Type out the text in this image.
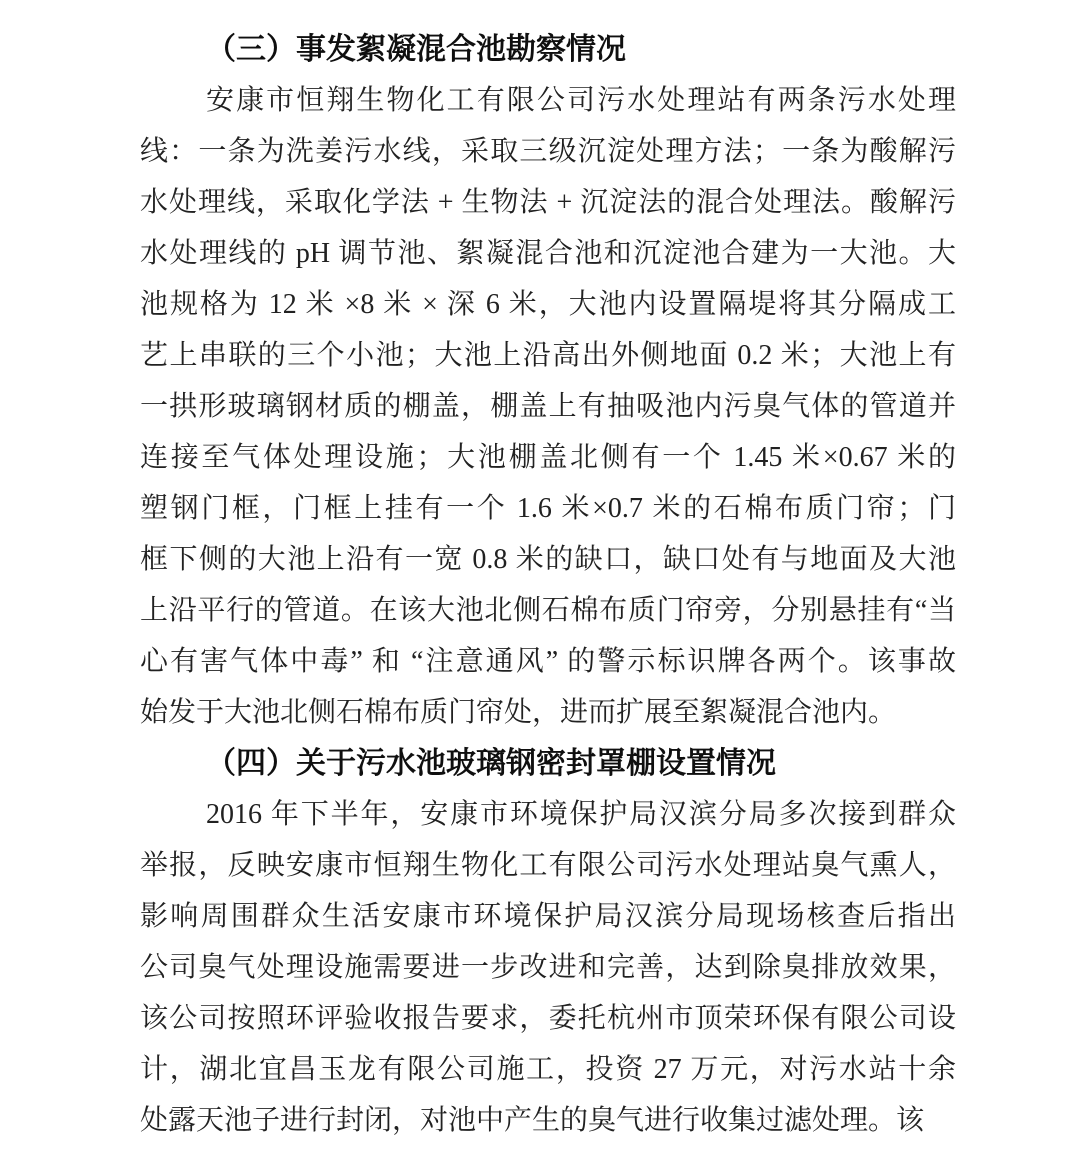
（三）事发絮凝混合池勘察情况
安康市恒翔生物化工有限公司污水处理站有两条污水处理
线：一条为洗姜污水线，采取三级沉淀处理方法；一条为酸解污
水处理线，采取化学法 + 生物法 + 沉淀法的混合处理法。酸解污
水处理线的 pH 调节池、絮凝混合池和沉淀池合建为一大池。大
池规格为 12 米 ×8 米 × 深 6 米，大池内设置隔堤将其分隔成工
艺上串联的三个小池；大池上沿高出外侧地面 0.2 米；大池上有
一拱形玻璃钢材质的棚盖，棚盖上有抽吸池内污臭气体的管道并
连接至气体处理设施；大池棚盖北侧有一个 1.45 米×0.67 米的
塑钢门框，门框上挂有一个 1.6 米×0.7 米的石棉布质门帘；门
框下侧的大池上沿有一宽 0.8 米的缺口，缺口处有与地面及大池
上沿平行的管道。在该大池北侧石棉布质门帘旁，分别悬挂有“当
心有害气体中毒” 和 “注意通风” 的警示标识牌各两个。该事故
始发于大池北侧石棉布质门帘处，进而扩展至絮凝混合池内。
（四）关于污水池玻璃钢密封罩棚设置情况
2016 年下半年，安康市环境保护局汉滨分局多次接到群众
举报，反映安康市恒翔生物化工有限公司污水处理站臭气熏人，
影响周围群众生活安康市环境保护局汉滨分局现场核查后指出
公司臭气处理设施需要进一步改进和完善，达到除臭排放效果，
该公司按照环评验收报告要求，委托杭州市顶荣环保有限公司设
计，湖北宜昌玉龙有限公司施工，投资 27 万元，对污水站十余
处露天池子进行封闭，对池中产生的臭气进行收集过滤处理。该
